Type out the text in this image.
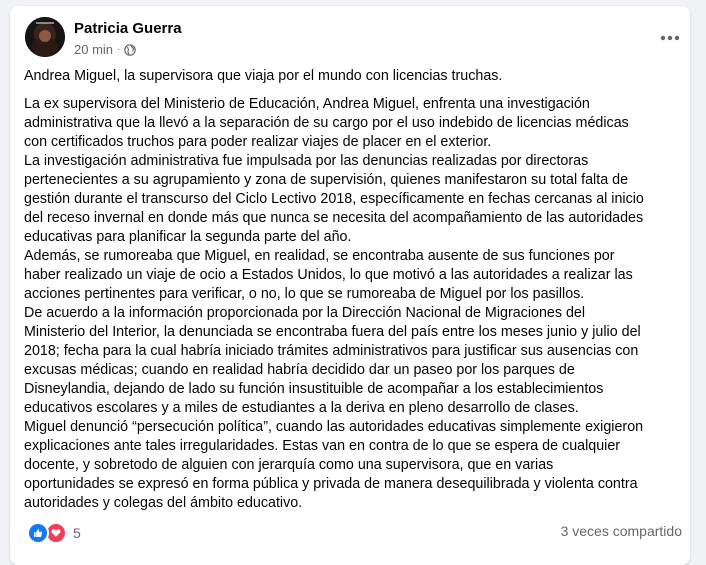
Patricia Guerra
20 min ·

Andrea Miguel, la supervisora que viaja por el mundo con licencias truchas.

La ex supervisora del Ministerio de Educación, Andrea Miguel, enfrenta una investigación
administrativa que la llevó a la separación de su cargo por el uso indebido de licencias médicas
con certificados truchos para poder realizar viajes de placer en el exterior.

La investigación administrativa fue impulsada por las denuncias realizadas por directoras
pertenecientes a su agrupamiento y zona de supervisión, quienes manifestaron su total falta de
gestión durante el transcurso del Ciclo Lectivo 2018, específicamente en fechas cercanas al inicio
del receso invernal en donde más que nunca se necesita del acompañamiento de las autoridades
educativas para planificar la segunda parte del año.

Además, se rumoreaba que Miguel, en realidad, se encontraba ausente de sus funciones por
haber realizado un viaje de ocio a Estados Unidos, lo que motivó a las autoridades a realizar las
acciones pertinentes para verificar, o no, lo que se rumoreaba de Miguel por los pasillos.

De acuerdo a la información proporcionada por la Dirección Nacional de Migraciones del
Ministerio del Interior, la denunciada se encontraba fuera del país entre los meses junio y julio del
2018; fecha para la cual habría iniciado trámites administrativos para justificar sus ausencias con
excusas médicas; cuando en realidad habría decidido dar un paseo por los parques de
Disneylandia, dejando de lado su función insustituible de acompañar a los establecimientos
educativos escolares y a miles de estudiantes a la deriva en pleno desarrollo de clases.

Miguel denunció “persecución política”, cuando las autoridades educativas simplemente exigieron
explicaciones ante tales irregularidades. Estas van en contra de lo que se espera de cualquier
docente, y sobretodo de alguien con jerarquía como una supervisora, que en varias
oportunidades se expresó en forma pública y privada de manera desequilibrada y violenta contra
autoridades y colegas del ámbito educativo.

5	3 veces compartido
